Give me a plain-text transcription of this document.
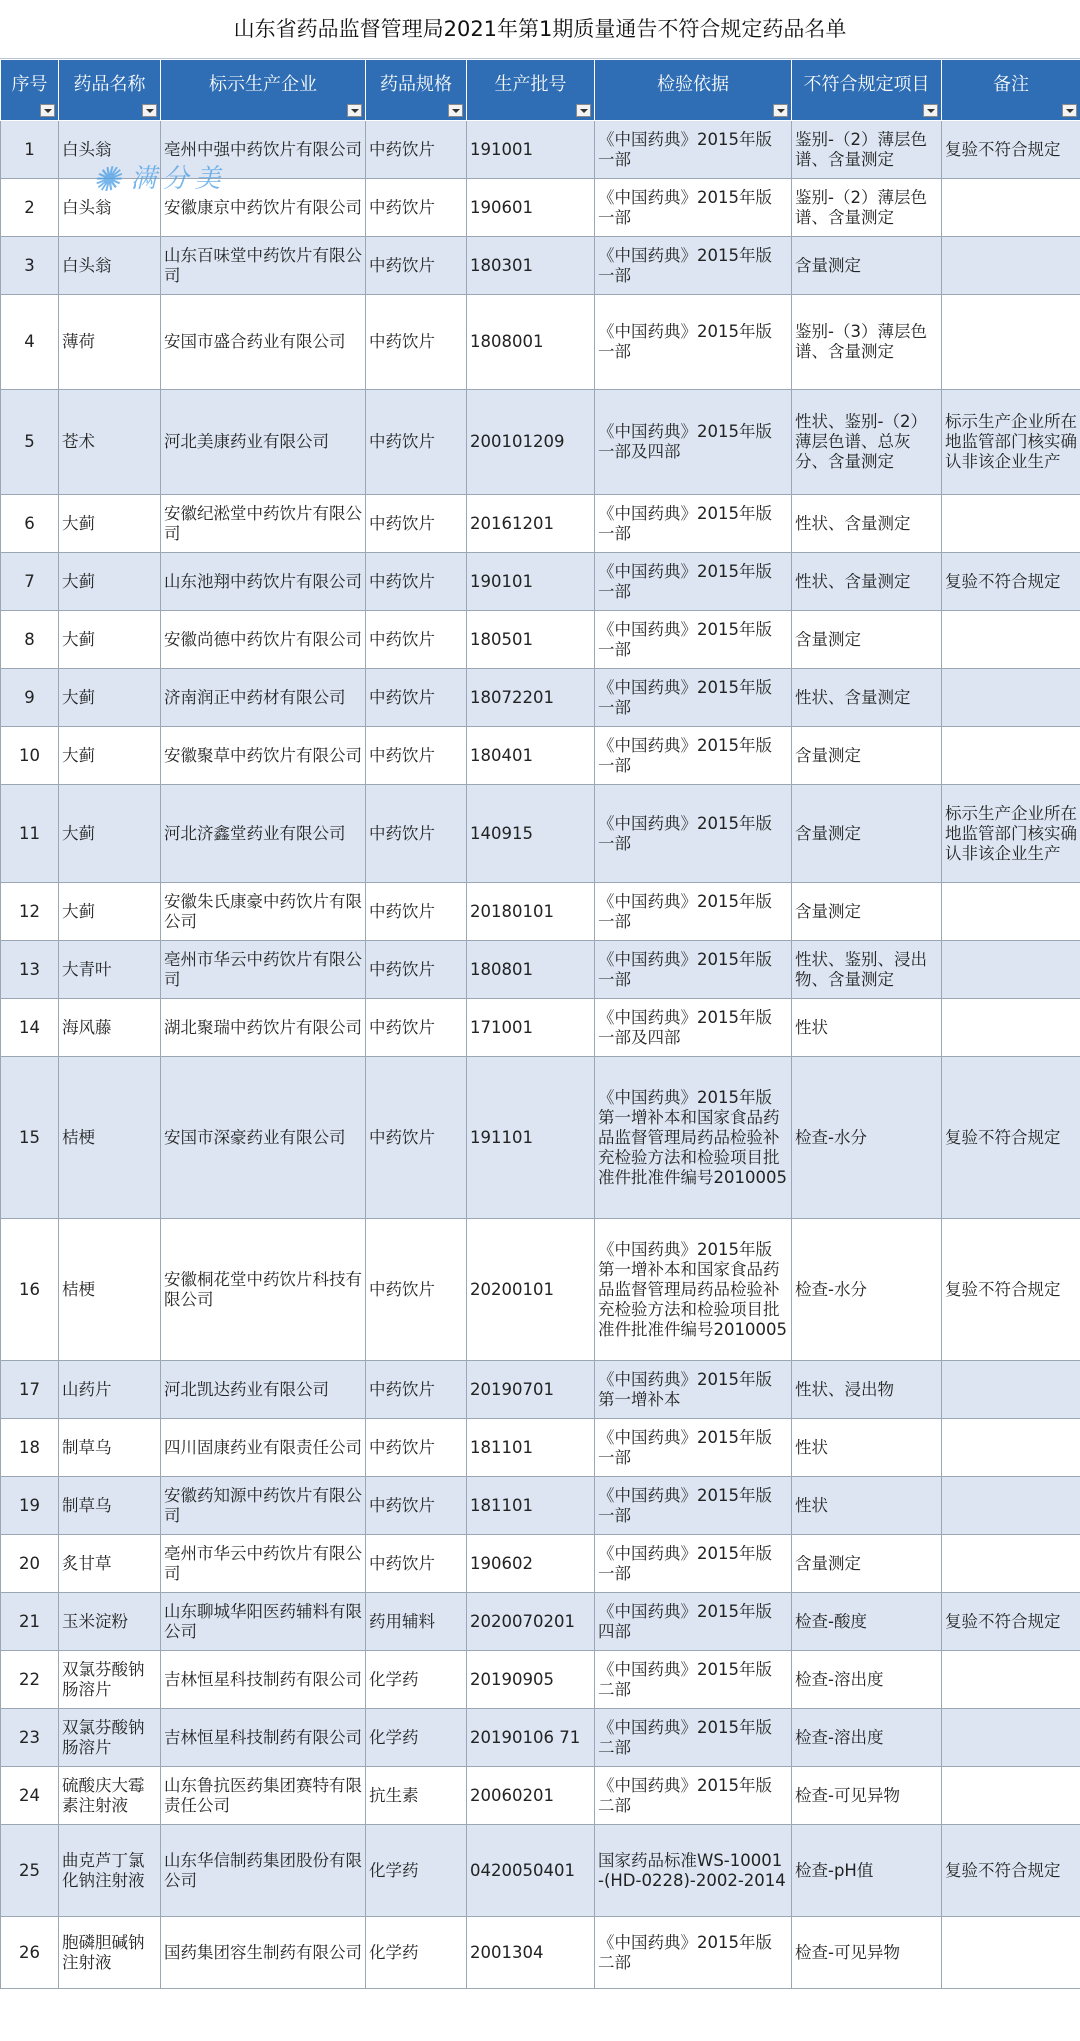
山东省药品监督管理局2021年第1期质量通告不符合规定药品名单
序号	药品名称	标示生产企业	药品规格	生产批号	检验依据	不符合规定项目	备注

1	白头翁	亳州中强中药饮片有限公司	中药饮片	191001	《中国药典》2015年版一部	鉴别-（2）薄层色谱、含量测定	复验不符合规定
2	白头翁	安徽康京中药饮片有限公司	中药饮片	190601	《中国药典》2015年版一部	鉴别-（2）薄层色谱、含量测定	
3	白头翁	山东百味堂中药饮片有限公司	中药饮片	180301	《中国药典》2015年版一部	含量测定	
4	薄荷	安国市盛合药业有限公司	中药饮片	1808001	《中国药典》2015年版一部	鉴别-（3）薄层色谱、含量测定	
5	苍术	河北美康药业有限公司	中药饮片	200101209	《中国药典》2015年版一部及四部	性状、鉴别-（2）薄层色谱、总灰分、含量测定	标示生产企业所在地监管部门核实确认非该企业生产
6	大蓟	安徽纪淞堂中药饮片有限公司	中药饮片	20161201	《中国药典》2015年版一部	性状、含量测定	
7	大蓟	山东池翔中药饮片有限公司	中药饮片	190101	《中国药典》2015年版一部	性状、含量测定	复验不符合规定
8	大蓟	安徽尚德中药饮片有限公司	中药饮片	180501	《中国药典》2015年版一部	含量测定	
9	大蓟	济南润正中药材有限公司	中药饮片	18072201	《中国药典》2015年版一部	性状、含量测定	
10	大蓟	安徽聚草中药饮片有限公司	中药饮片	180401	《中国药典》2015年版一部	含量测定	
11	大蓟	河北济鑫堂药业有限公司	中药饮片	140915	《中国药典》2015年版一部	含量测定	标示生产企业所在地监管部门核实确认非该企业生产
12	大蓟	安徽朱氏康豪中药饮片有限公司	中药饮片	20180101	《中国药典》2015年版一部	含量测定	
13	大青叶	亳州市华云中药饮片有限公司	中药饮片	180801	《中国药典》2015年版一部	性状、鉴别、浸出物、含量测定	
14	海风藤	湖北聚瑞中药饮片有限公司	中药饮片	171001	《中国药典》2015年版一部及四部	性状	
15	桔梗	安国市深豪药业有限公司	中药饮片	191101	《中国药典》2015年版第一增补本和国家食品药品监督管理局药品检验补充检验方法和检验项目批准件批准件编号2010005	检查-水分	复验不符合规定
16	桔梗	安徽桐花堂中药饮片科技有限公司	中药饮片	20200101	《中国药典》2015年版第一增补本和国家食品药品监督管理局药品检验补充检验方法和检验项目批准件批准件编号2010005	检查-水分	复验不符合规定
17	山药片	河北凯达药业有限公司	中药饮片	20190701	《中国药典》2015年版第一增补本	性状、浸出物	
18	制草乌	四川固康药业有限责任公司	中药饮片	181101	《中国药典》2015年版一部	性状	
19	制草乌	安徽药知源中药饮片有限公司	中药饮片	181101	《中国药典》2015年版一部	性状	
20	炙甘草	亳州市华云中药饮片有限公司	中药饮片	190602	《中国药典》2015年版一部	含量测定	
21	玉米淀粉	山东聊城华阳医药辅料有限公司	药用辅料	2020070201	《中国药典》2015年版四部	检查-酸度	复验不符合规定
22	双氯芬酸钠肠溶片	吉林恒星科技制药有限公司	化学药	20190905	《中国药典》2015年版二部	检查-溶出度	
23	双氯芬酸钠肠溶片	吉林恒星科技制药有限公司	化学药	20190106 71	《中国药典》2015年版二部	检查-溶出度	
24	硫酸庆大霉素注射液	山东鲁抗医药集团赛特有限责任公司	抗生素	20060201	《中国药典》2015年版二部	检查-可见异物	
25	曲克芦丁氯化钠注射液	山东华信制药集团股份有限公司	化学药	0420050401	国家药品标准WS-10001-(HD-0228)-2002-2014	检查-pH值	复验不符合规定
26	胞磷胆碱钠注射液	国药集团容生制药有限公司	化学药	2001304	《中国药典》2015年版二部	检查-可见异物	
✺ 满分美
